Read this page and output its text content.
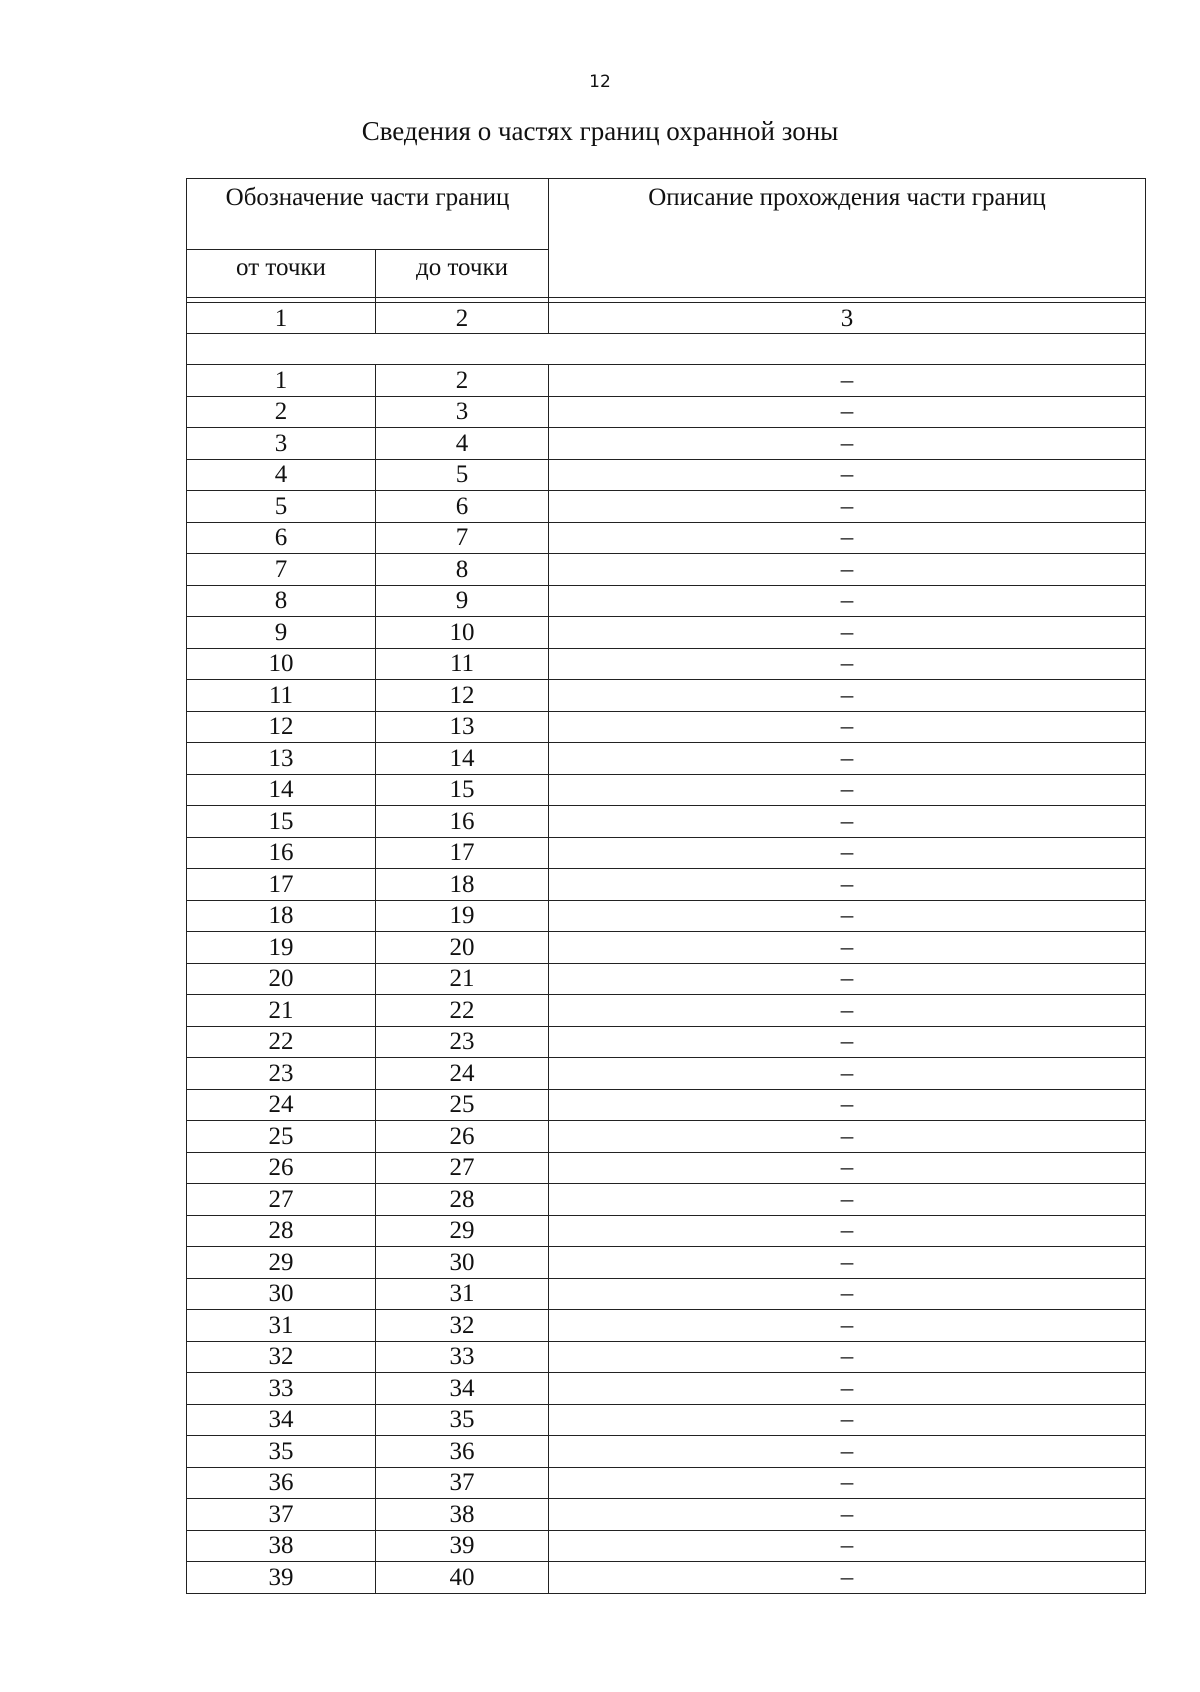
12
Сведения о частях границ охранной зоны
Обозначение части границ		Описание прохождения части границ

от точки	до точки	

1	2	3

1	2	–
2	3	–
3	4	–
4	5	–
5	6	–
6	7	–
7	8	–
8	9	–
9	10	–
10	11	–
11	12	–
12	13	–
13	14	–
14	15	–
15	16	–
16	17	–
17	18	–
18	19	–
19	20	–
20	21	–
21	22	–
22	23	–
23	24	–
24	25	–
25	26	–
26	27	–
27	28	–
28	29	–
29	30	–
30	31	–
31	32	–
32	33	–
33	34	–
34	35	–
35	36	–
36	37	–
37	38	–
38	39	–
39	40	–
